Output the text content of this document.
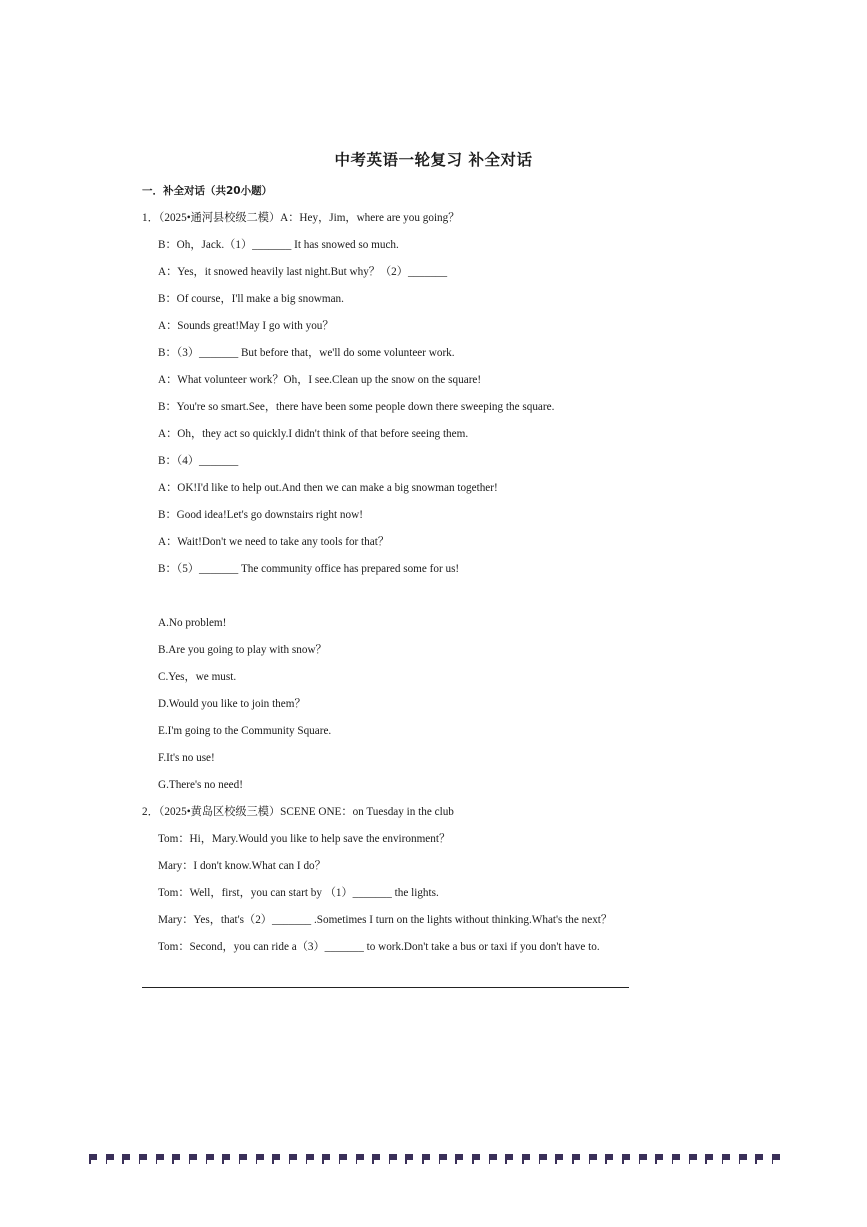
中考英语一轮复习 补全对话
一．补全对话（共20小题）
1．（2025•通河县校级二模）A：Hey，Jim，where are you going？
B：Oh，Jack.（1）_______ It has snowed so much.
A：Yes，it snowed heavily last night.But why？（2）_______
B：Of course，I'll make a big snowman.
A：Sounds great!May I go with you？
B：（3）_______ But before that，we'll do some volunteer work.
A：What volunteer work？Oh，I see.Clean up the snow on the square!
B：You're so smart.See，there have been some people down there sweeping the square.
A：Oh，they act so quickly.I didn't think of that before seeing them.
B：（4）_______
A：OK!I'd like to help out.And then we can make a big snowman together!
B：Good idea!Let's go downstairs right now!
A：Wait!Don't we need to take any tools for that？
B：（5）_______ The community office has prepared some for us!
A.No problem!
B.Are you going to play with snow？
C.Yes，we must.
D.Would you like to join them？
E.I'm going to the Community Square.
F.It's no use!
G.There's no need!
2．（2025•黄岛区校级三模）SCENE ONE：on Tuesday in the club
Tom：Hi，Mary.Would you like to help save the environment？
Mary：I don't know.What can I do？
Tom：Well，first，you can start by （1）_______ the lights.
Mary：Yes，that's（2）_______ .Sometimes I turn on the lights without thinking.What's the next？
Tom：Second，you can ride a（3）_______ to work.Don't take a bus or taxi if you don't have to.
